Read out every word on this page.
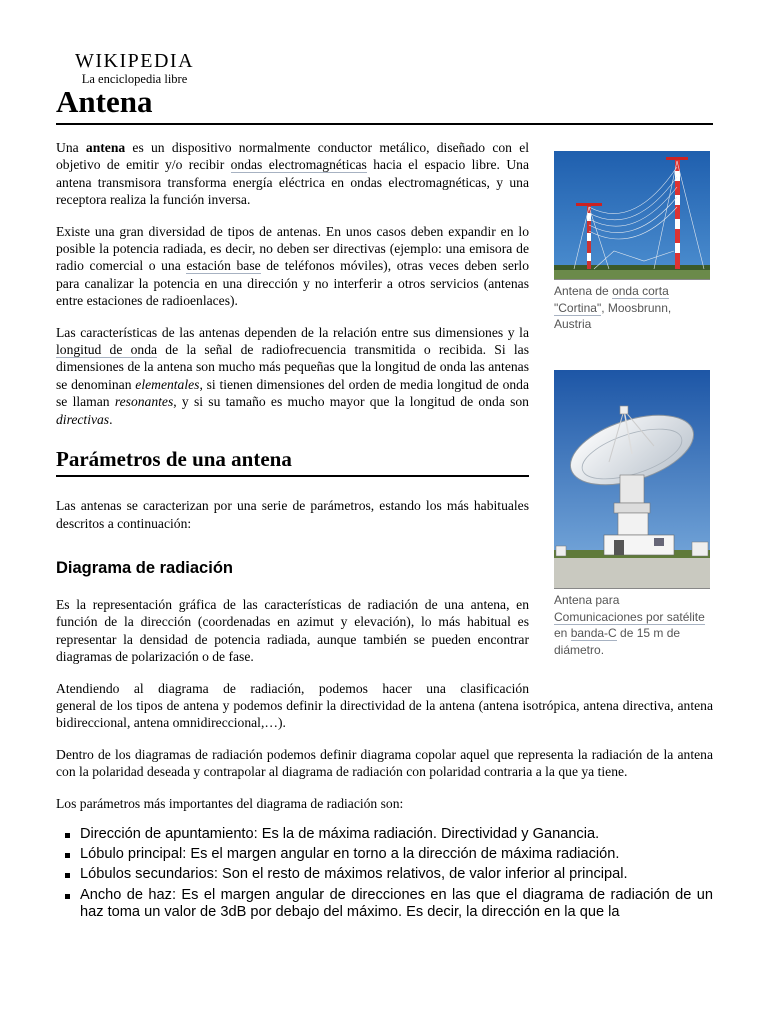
WIKIPEDIA
La enciclopedia libre
Antena

Una antena es un dispositivo normalmente conductor metálico, diseñado con el objetivo de emitir y/o recibir ondas electromagnéticas hacia el espacio libre. Una antena transmisora transforma energía eléctrica en ondas electromagnéticas, y una receptora realiza la función inversa.

Existe una gran diversidad de tipos de antenas. En unos casos deben expandir en lo posible la potencia radiada, es decir, no deben ser directivas (ejemplo: una emisora de radio comercial o una estación base de teléfonos móviles), otras veces deben serlo para canalizar la potencia en una dirección y no interferir a otros servicios (antenas entre estaciones de radioenlaces).

Las características de las antenas dependen de la relación entre sus dimensiones y la longitud de onda de la señal de radiofrecuencia transmitida o recibida. Si las dimensiones de la antena son mucho más pequeñas que la longitud de onda las antenas se denominan elementales, si tienen dimensiones del orden de media longitud de onda se llaman resonantes, y si su tamaño es mucho mayor que la longitud de onda son directivas.

Parámetros de una antena

Las antenas se caracterizan por una serie de parámetros, estando los más habituales descritos a continuación:

Diagrama de radiación

Es la representación gráfica de las características de radiación de una antena, en función de la dirección (coordenadas en azimut y elevación), lo más habitual es representar la densidad de potencia radiada, aunque también se pueden encontrar diagramas de polarización o de fase.

Atendiendo al diagrama de radiación, podemos hacer una clasificación
general de los tipos de antena y podemos definir la directividad de la antena (antena isotrópica, antena directiva, antena bidireccional, antena omnidireccional,…).

Dentro de los diagramas de radiación podemos definir diagrama copolar aquel que representa la radiación de la antena con la polaridad deseada y contrapolar al diagrama de radiación con polaridad contraria a la que ya tiene.

Los parámetros más importantes del diagrama de radiación son:

Dirección de apuntamiento: Es la de máxima radiación. Directividad y Ganancia.
Lóbulo principal: Es el margen angular en torno a la dirección de máxima radiación.
Lóbulos secundarios: Son el resto de máximos relativos, de valor inferior al principal.
Ancho de haz: Es el margen angular de direcciones en las que el diagrama de radiación de un haz toma un valor de 3dB por debajo del máximo. Es decir, la dirección en la que la
Antena de onda corta "Cortina", Moosbrunn, Austria
Antena para Comunicaciones por satélite en banda-C de 15 m de diámetro.
